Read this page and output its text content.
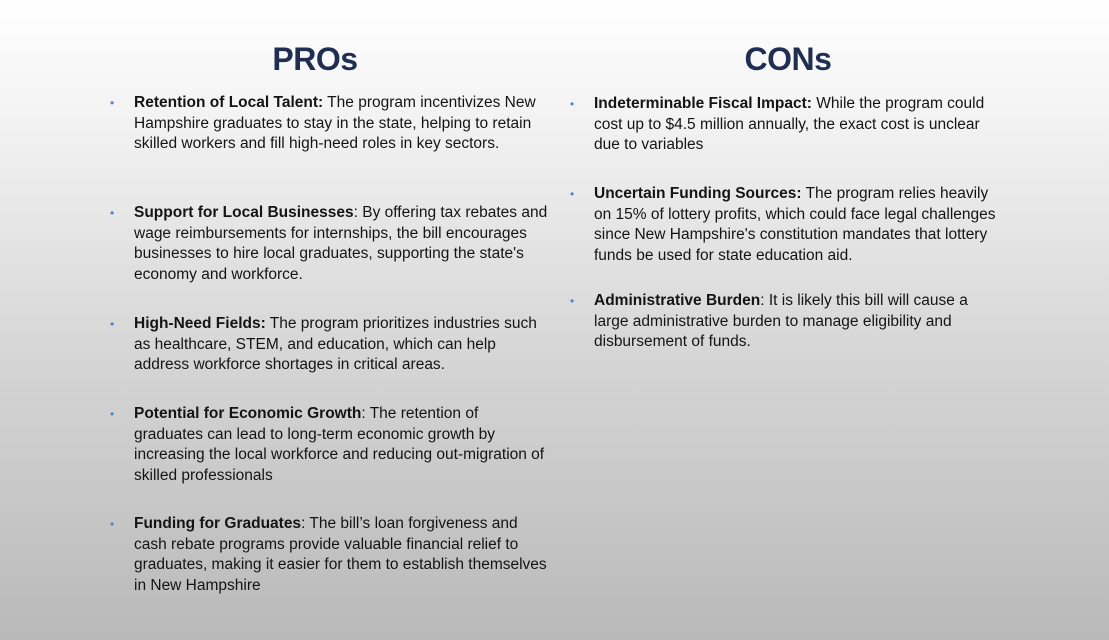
PROs	CONs
•	Retention of Local Talent: The program incentivizes New Hampshire graduates to stay in the state, helping to retain skilled workers and fill high-need roles in key sectors.
•	Support for Local Businesses: By offering tax rebates and wage reimbursements for internships, the bill encourages businesses to hire local graduates, supporting the state's economy and workforce.
•	High-Need Fields: The program prioritizes industries such as healthcare, STEM, and education, which can help address workforce shortages in critical areas.
•	Potential for Economic Growth: The retention of graduates can lead to long-term economic growth by increasing the local workforce and reducing out-migration of skilled professionals
•	Funding for Graduates: The bill’s loan forgiveness and cash rebate programs provide valuable financial relief to graduates, making it easier for them to establish themselves in New Hampshire
•	Indeterminable Fiscal Impact: While the program could cost up to $4.5 million annually, the exact cost is unclear due to variables
•	Uncertain Funding Sources: The program relies heavily on 15% of lottery profits, which could face legal challenges since New Hampshire's constitution mandates that lottery funds be used for state education aid.
•	Administrative Burden: It is likely this bill will cause a large administrative burden to manage eligibility and disbursement of funds.
